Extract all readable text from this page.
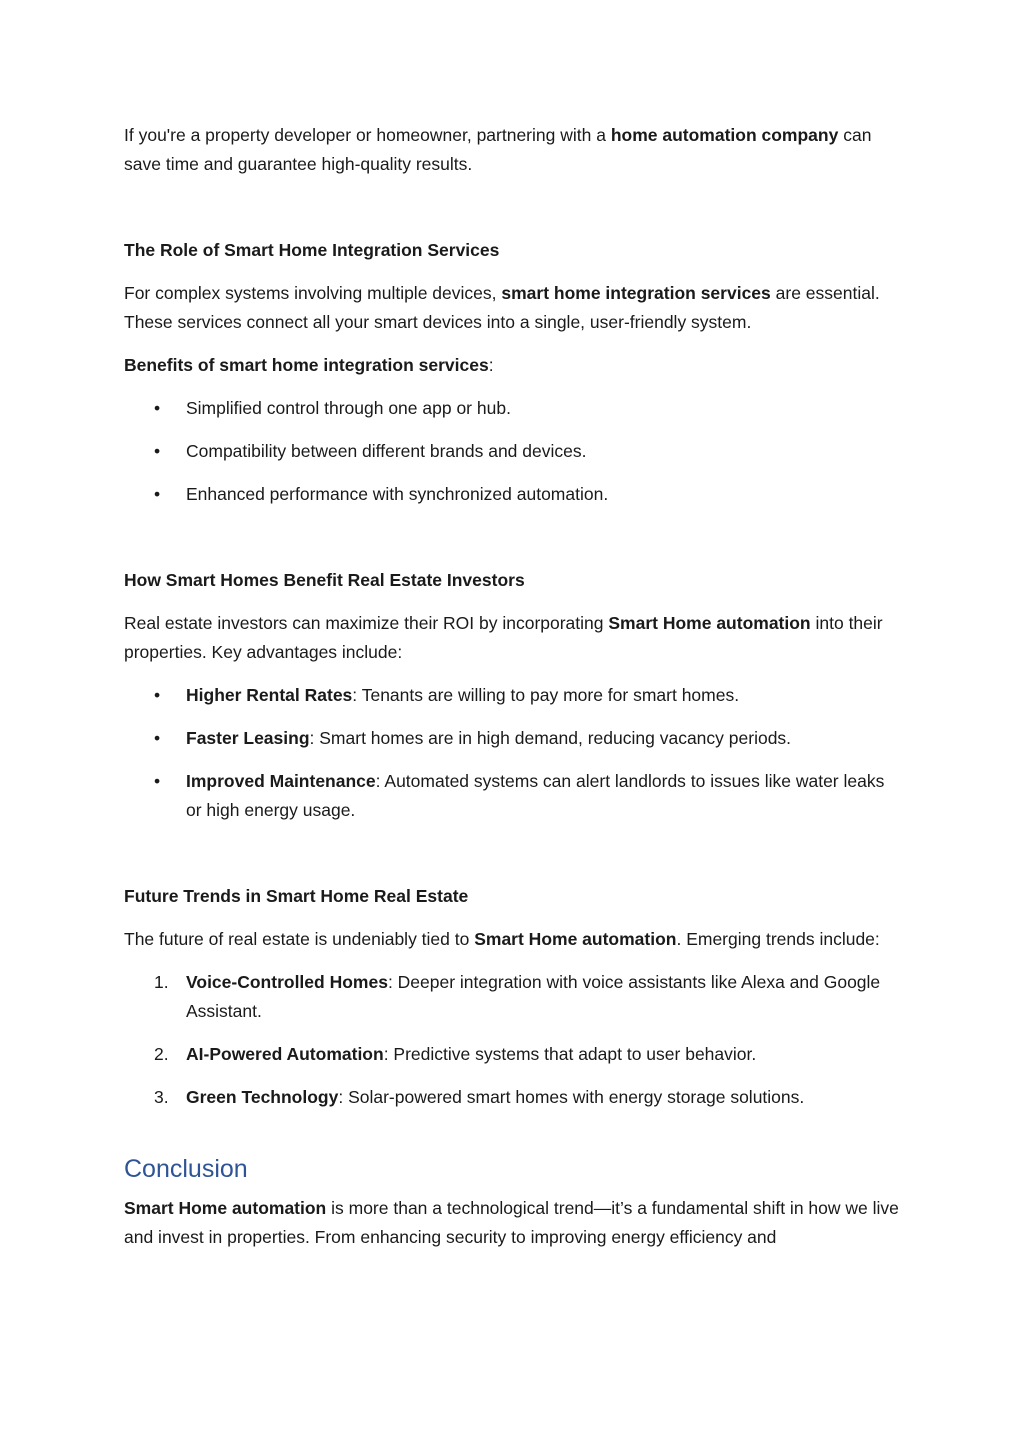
If you're a property developer or homeowner, partnering with a home automation company can save time and guarantee high-quality results.

The Role of Smart Home Integration Services

For complex systems involving multiple devices, smart home integration services are essential. These services connect all your smart devices into a single, user-friendly system.

Benefits of smart home integration services:

• Simplified control through one app or hub.
• Compatibility between different brands and devices.
• Enhanced performance with synchronized automation.

How Smart Homes Benefit Real Estate Investors

Real estate investors can maximize their ROI by incorporating Smart Home automation into their properties. Key advantages include:

• Higher Rental Rates: Tenants are willing to pay more for smart homes.
• Faster Leasing: Smart homes are in high demand, reducing vacancy periods.
• Improved Maintenance: Automated systems can alert landlords to issues like water leaks or high energy usage.

Future Trends in Smart Home Real Estate

The future of real estate is undeniably tied to Smart Home automation. Emerging trends include:

1. Voice-Controlled Homes: Deeper integration with voice assistants like Alexa and Google Assistant.
2. AI-Powered Automation: Predictive systems that adapt to user behavior.
3. Green Technology: Solar-powered smart homes with energy storage solutions.
Conclusion

Smart Home automation is more than a technological trend—it’s a fundamental shift in how we live and invest in properties. From enhancing security to improving energy efficiency and
